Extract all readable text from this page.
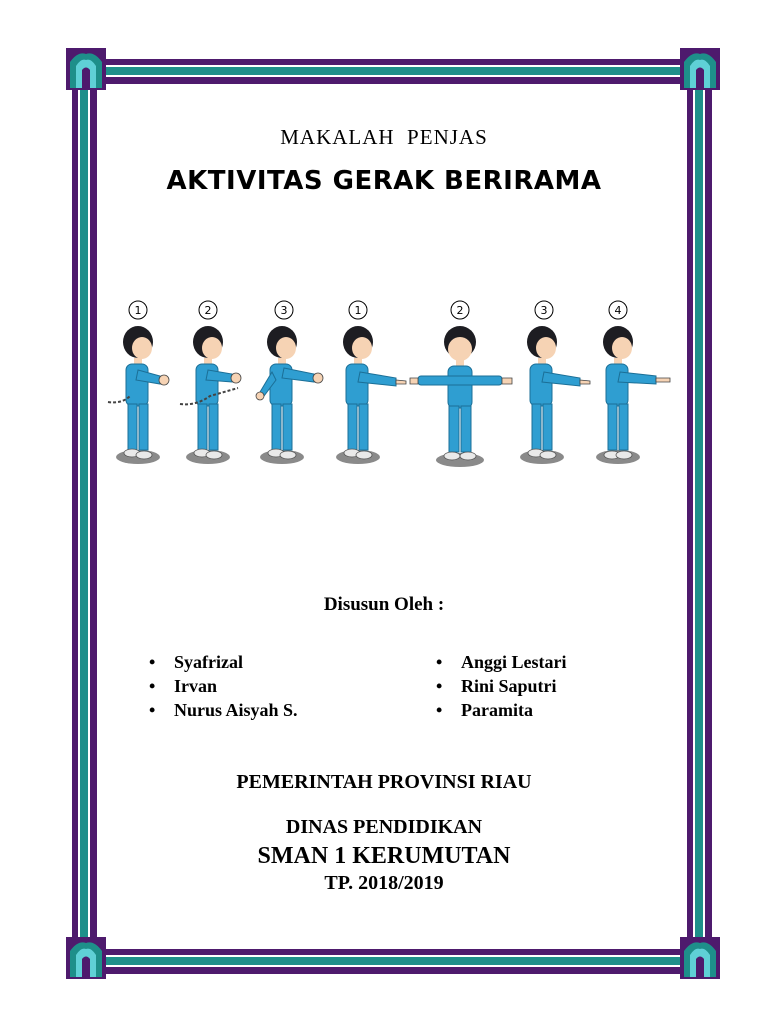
MAKALAH  PENJAS
AKTIVITAS GERAK BERIRAMA
1	2	3	1	2	3	4
Disusun Oleh :
• Syafrizal
• Irvan
• Nurus Aisyah S.
• Anggi Lestari
• Rini Saputri
• Paramita
PEMERINTAH PROVINSI RIAU
DINAS PENDIDIKAN
SMAN 1 KERUMUTAN
TP. 2018/2019
